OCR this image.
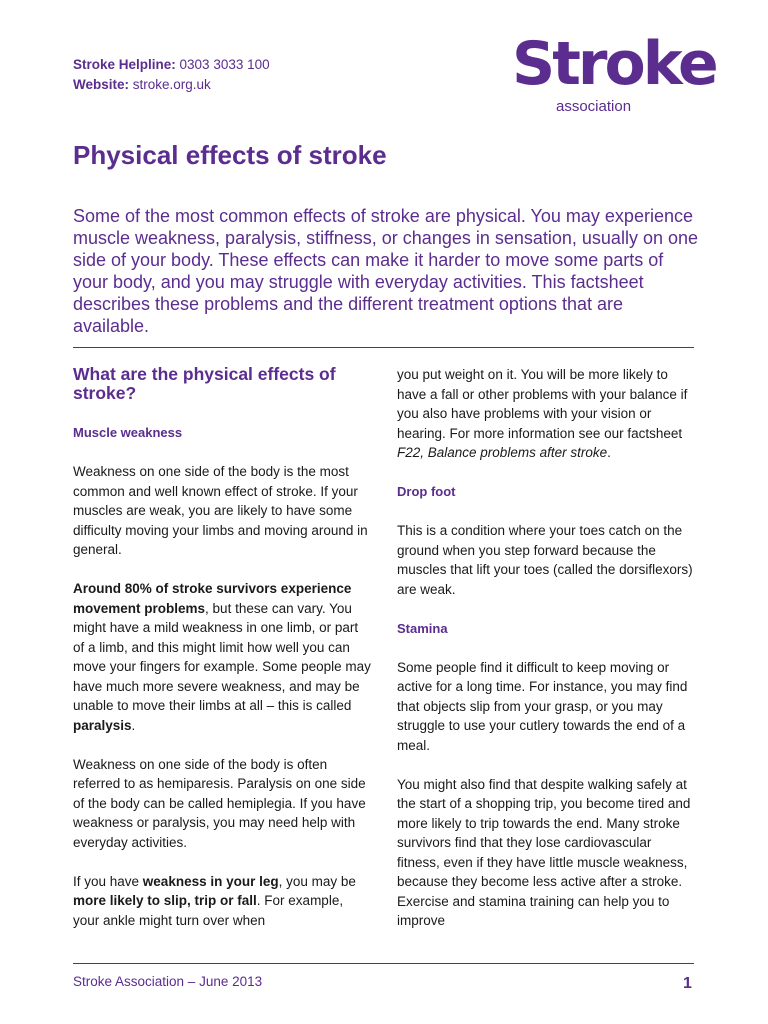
Stroke Helpline: 0303 3033 100
Website: stroke.org.uk	Stroke
association
Physical effects of stroke

Some of the most common effects of stroke are physical. You may experience muscle weakness, paralysis, stiffness, or changes in sensation, usually on one side of your body. These effects can make it harder to move some parts of your body, and you may struggle with everyday activities. This factsheet describes these problems and the different treatment options that are available.

What are the physical effects of stroke?
Muscle weakness

Weakness on one side of the body is the most common and well known effect of stroke. If your muscles are weak, you are likely to have some difficulty moving your limbs and moving around in general.

Around 80% of stroke survivors experience movement problems, but these can vary. You might have a mild weakness in one limb, or part of a limb, and this might limit how well you can move your fingers for example. Some people may have much more severe weakness, and may be unable to move their limbs at all – this is called paralysis.

Weakness on one side of the body is often referred to as hemiparesis. Paralysis on one side of the body can be called hemiplegia. If you have weakness or paralysis, you may need help with everyday activities.

If you have weakness in your leg, you may be more likely to slip, trip or fall. For example, your ankle might turn over when

you put weight on it. You will be more likely to have a fall or other problems with your balance if you also have problems with your vision or hearing. For more information see our factsheet F22, Balance problems after stroke.

Drop foot

This is a condition where your toes catch on the ground when you step forward because the muscles that lift your toes (called the dorsiflexors) are weak.

Stamina

Some people find it difficult to keep moving or active for a long time. For instance, you may find that objects slip from your grasp, or you may struggle to use your cutlery towards the end of a meal.

You might also find that despite walking safely at the start of a shopping trip, you become tired and more likely to trip towards the end. Many stroke survivors find that they lose cardiovascular fitness, even if they have little muscle weakness, because they become less active after a stroke. Exercise and stamina training can help you to improve

Stroke Association – June 2013	1
